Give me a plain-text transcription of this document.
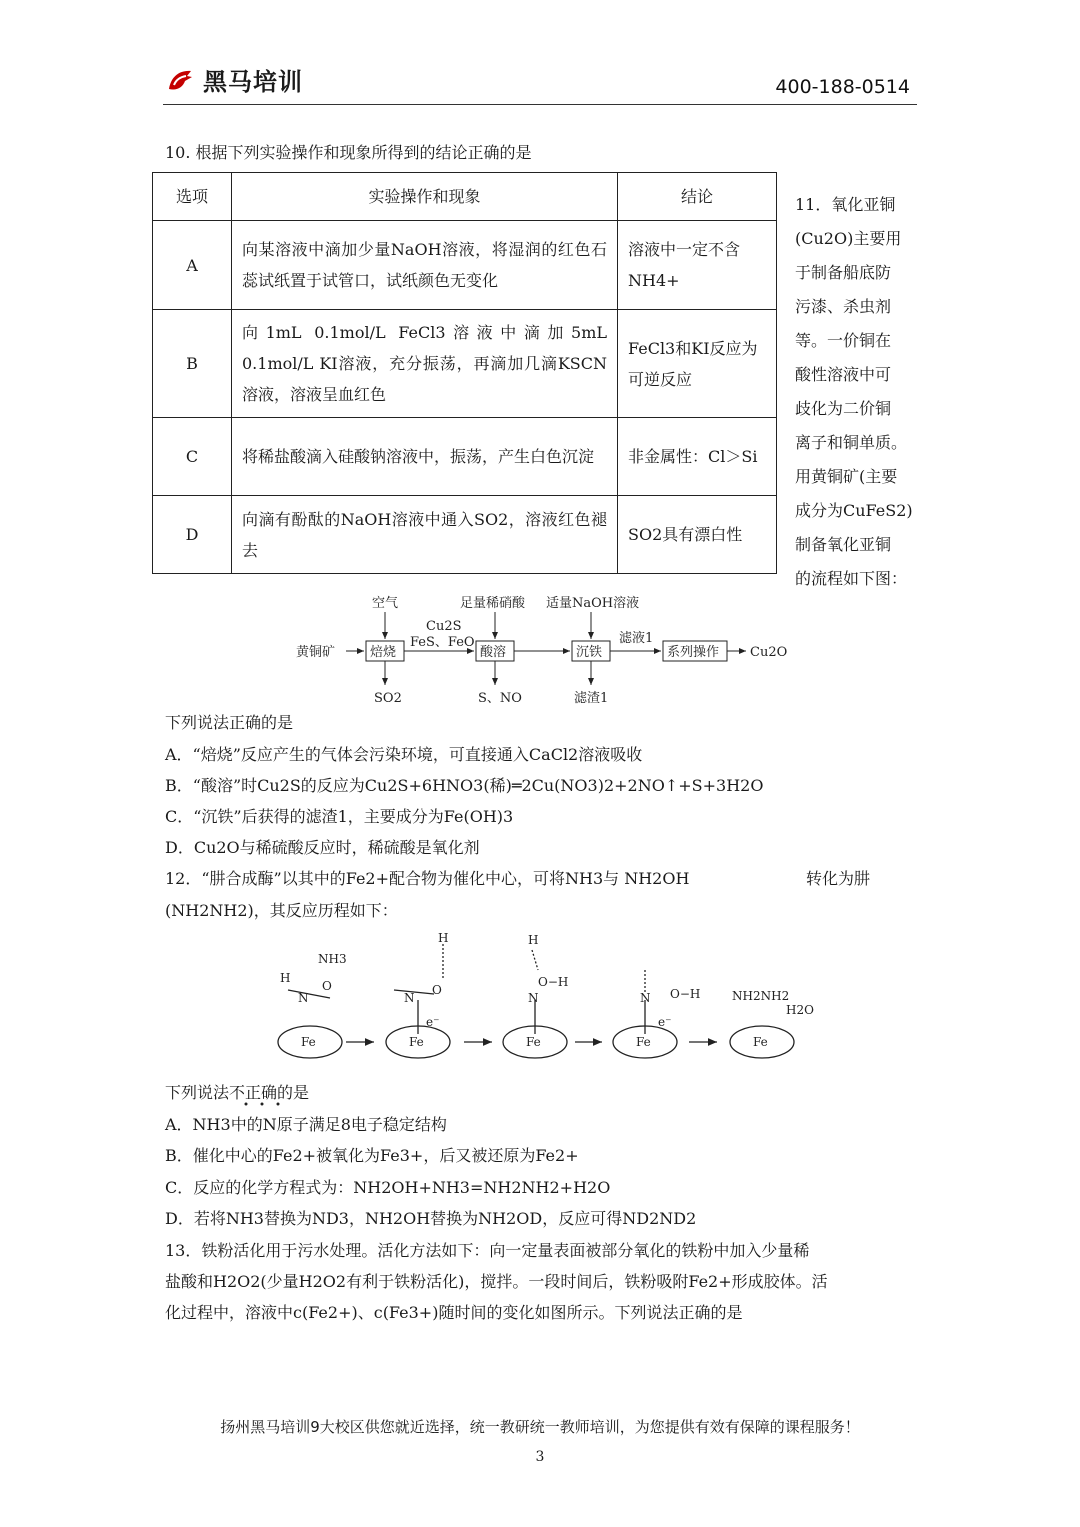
黑马培训	400-188-0514
10. 根据下列实验操作和现象所得到的结论正确的是
选项	实验操作和现象	结论
A	向某溶液中滴加少量NaOH溶液，将湿润的红色石蕊试纸置于试管口，试纸颜色无变化	溶液中一定不含NH4+
B	向1mL 0.1mol/L FeCl3溶液中滴加5mL 0.1mol/L KI溶液，充分振荡，再滴加几滴KSCN溶液，溶液呈血红色	FeCl3和KI反应为可逆反应
C	将稀盐酸滴入硅酸钠溶液中，振荡，产生白色沉淀	非金属性：Cl＞Si
D	向滴有酚酞的NaOH溶液中通入SO2，溶液红色褪去	SO2具有漂白性
11．氧化亚铜
(Cu2O)主要用
于制备船底防
污漆、杀虫剂
等。一价铜在
酸性溶液中可
歧化为二价铜
离子和铜单质。
用黄铜矿(主要
成分为CuFeS2)
制备氧化亚铜
的流程如下图：
黄铜矿	焙烧	酸溶	沉铁	系列操作 Cu2O
空气	足量稀硝酸 适量NaOH溶液
Cu2S
FeS、FeO	滤液1
SO2	S、NO	滤渣1
下列说法正确的是
A．“焙烧”反应产生的气体会污染环境，可直接通入CaCl2溶液吸收
B．“酸溶”时Cu2S的反应为Cu2S+6HNO3(稀)═2Cu(NO3)2+2NO↑+S+3H2O
C．“沉铁”后获得的滤渣1，主要成分为Fe(OH)3
D．Cu2O与稀硫酸反应时，稀硫酸是氧化剂
12．“肼合成酶”以其中的Fe2+配合物为催化中心，可将NH3与 NH2OH	转化为肼
(NH2NH2)，其反应历程如下：
NH3
Fe	Fe	Fe	Fe	Fe
N	N	N	N
H
H	H
O	O
O−H
O−H
e⁻	e⁻
NH2NH2
H2O
下列说法不正确的是
A．NH3中的N原子满足8电子稳定结构
B．催化中心的Fe2+被氧化为Fe3+，后又被还原为Fe2+
C．反应的化学方程式为：NH2OH+NH3=NH2NH2+H2O
D．若将NH3替换为ND3，NH2OH替换为NH2OD，反应可得ND2ND2
13．铁粉活化用于污水处理。活化方法如下：向一定量表面被部分氧化的铁粉中加入少量稀
盐酸和H2O2(少量H2O2有利于铁粉活化)，搅拌。一段时间后，铁粉吸附Fe2+形成胶体。活
化过程中，溶液中c(Fe2+)、c(Fe3+)随时间的变化如图所示。下列说法正确的是
扬州黑马培训9大校区供您就近选择，统一教研统一教师培训，为您提供有效有保障的课程服务！
3
